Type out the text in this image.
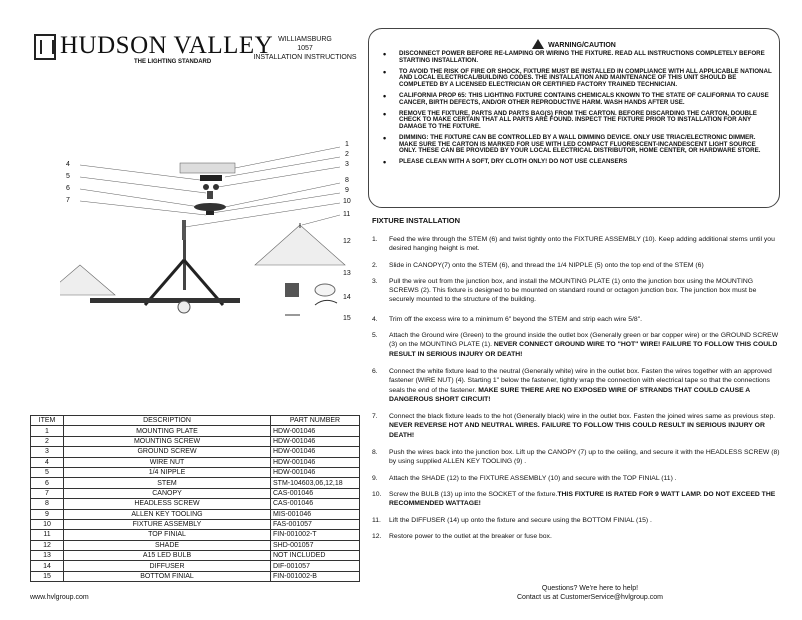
HUDSON VALLEY
THE LIGHTING STANDARD
WILLIAMSBURG
1057
INSTALLATION INSTRUCTIONS
WARNING/CAUTION
• DISCONNECT POWER BEFORE RE-LAMPING OR WIRING THE FIXTURE. READ ALL INSTRUCTIONS COMPLETELY BEFORE STARTING INSTALLATION.
• TO AVOID THE RISK OF FIRE OR SHOCK, FIXTURE MUST BE INSTALLED IN COMPLIANCE WITH ALL APPLICABLE NATIONAL AND LOCAL ELECTRICAL/BUILDING CODES. THE INSTALLATION AND MAINTENANCE OF THIS UNIT SHOULD BE COMPLETED BY A LICENSED ELECTRICIAN OR CERTIFIED FACTORY TRAINED TECHNICIAN.
• CALIFORNIA PROP 65: THIS LIGHTING FIXTURE CONTAINS CHEMICALS KNOWN TO THE STATE OF CALIFORNIA TO CAUSE CANCER, BIRTH DEFECTS, AND/OR OTHER REPRODUCTIVE HARM. WASH HANDS AFTER USE.
• REMOVE THE FIXTURE, PARTS AND PARTS BAG(S) FROM THE CARTON. BEFORE DISCARDING THE CARTON, DOUBLE CHECK TO MAKE CERTAIN THAT ALL PARTS ARE FOUND. INSPECT THE FIXTURE PRIOR TO INSTALLATION FOR ANY DAMAGE TO THE FIXTURE.
• DIMMING: THE FIXTURE CAN BE CONTROLLED BY A WALL DIMMING DEVICE. ONLY USE TRIAC/ELECTRONIC DIMMER. MAKE SURE THE CARTON IS MARKED FOR USE WITH LED COMPACT FLUORESCENT-INCANDESCENT LIGHT SOURCE ONLY. THESE CAN BE PROVIDED BY YOUR LOCAL ELECTRICAL DISTRIBUTOR, HOME CENTER, OR HARDWARE STORE.
• PLEASE CLEAN WITH A SOFT, DRY CLOTH ONLY! DO NOT USE CLEANSERS
1
2
3
4
5
6
7
8
9
10
11
12
13
14
15
ITEM	DESCRIPTION	PART NUMBER
1	MOUNTING PLATE	HDW-001046
2	MOUNTING SCREW	HDW-001046
3	GROUND SCREW	HDW-001046
4	WIRE NUT	HDW-001046
5	1/4 NIPPLE	HDW-001046
6	STEM	STM-104603,06,12,18
7	CANOPY	CAS-001046
8	HEADLESS SCREW	CAS-001046
9	ALLEN KEY TOOLING	MIS-001046
10	FIXTURE ASSEMBLY	FAS-001057
11	TOP FINIAL	FIN-001002-T
12	SHADE	SHD-001057
13	A15 LED BULB	NOT INCLUDED
14	DIFFUSER	DIF-001057
15	BOTTOM FINIAL	FIN-001002-B
www.hvlgroup.com
FIXTURE INSTALLATION
1. Feed the wire through the STEM (6) and twist tightly onto the FIXTURE ASSEMBLY (10). Keep adding additional stems until you desired hanging height is met.
2. Slide in CANOPY(7) onto the STEM (6), and thread the 1/4 NIPPLE (5) onto the top end of the STEM (6)
3. Pull the wire out from the junction box, and install the MOUNTING PLATE (1) onto the junction box using the MOUNTING SCREWS (2). This fixture is designed to be mounted on standard round or octagon junction box. The junction box must be securely mounted to the structure of the building.
4. Trim off the excess wire to a minimum 6" beyond the STEM and strip each wire 5/8".
5. Attach the Ground wire (Green) to the ground inside the outlet box (Generally green or bar copper wire) or the GROUND SCREW (3) on the MOUNTING PLATE (1). NEVER CONNECT GROUND WIRE TO "HOT" WIRE! FAILURE TO FOLLOW THIS COULD RESULT IN SERIOUS INJURY OR DEATH!
6. Connect the white fixture lead to the neutral (Generally white) wire in the outlet box. Fasten the wires together with an approved fastener (WIRE NUT) (4). Starting 1" below the fastener, tightly wrap the connection with electrical tape so that the connections seals the end of the fastener. MAKE SURE THERE ARE NO EXPOSED WIRE OF STRANDS THAT COULD CAUSE A DANGEROUS SHORT CIRCUIT!
7. Connect the black fixture leads to the hot (Generally black) wire in the outlet box. Fasten the joined wires same as previous step. NEVER REVERSE HOT AND NEUTRAL WIRES. FAILURE TO FOLLOW THIS COULD RESULT IN SERIOUS INJURY OR DEATH!
8. Push the wires back into the junction box. Lift up the CANOPY (7) up to the ceiling, and secure it with the HEADLESS SCREW (8) by using supplied ALLEN KEY TOOLING (9) .
9. Attach the SHADE (12) to the FIXTURE ASSEMBLY (10) and secure with the TOP FINIAL (11) .
10. Screw the BULB (13) up into the SOCKET of the fixture.THIS FIXTURE IS RATED FOR 9 WATT LAMP. DO NOT EXCEED THE RECOMMENDED WATTAGE!
11. Lift the DIFFUSER (14) up onto the fixture and secure using the BOTTOM FINIAL (15) .
12. Restore power to the outlet at the breaker or fuse box.
Questions? We're here to help!
Contact us at CustomerService@hvlgroup.com
